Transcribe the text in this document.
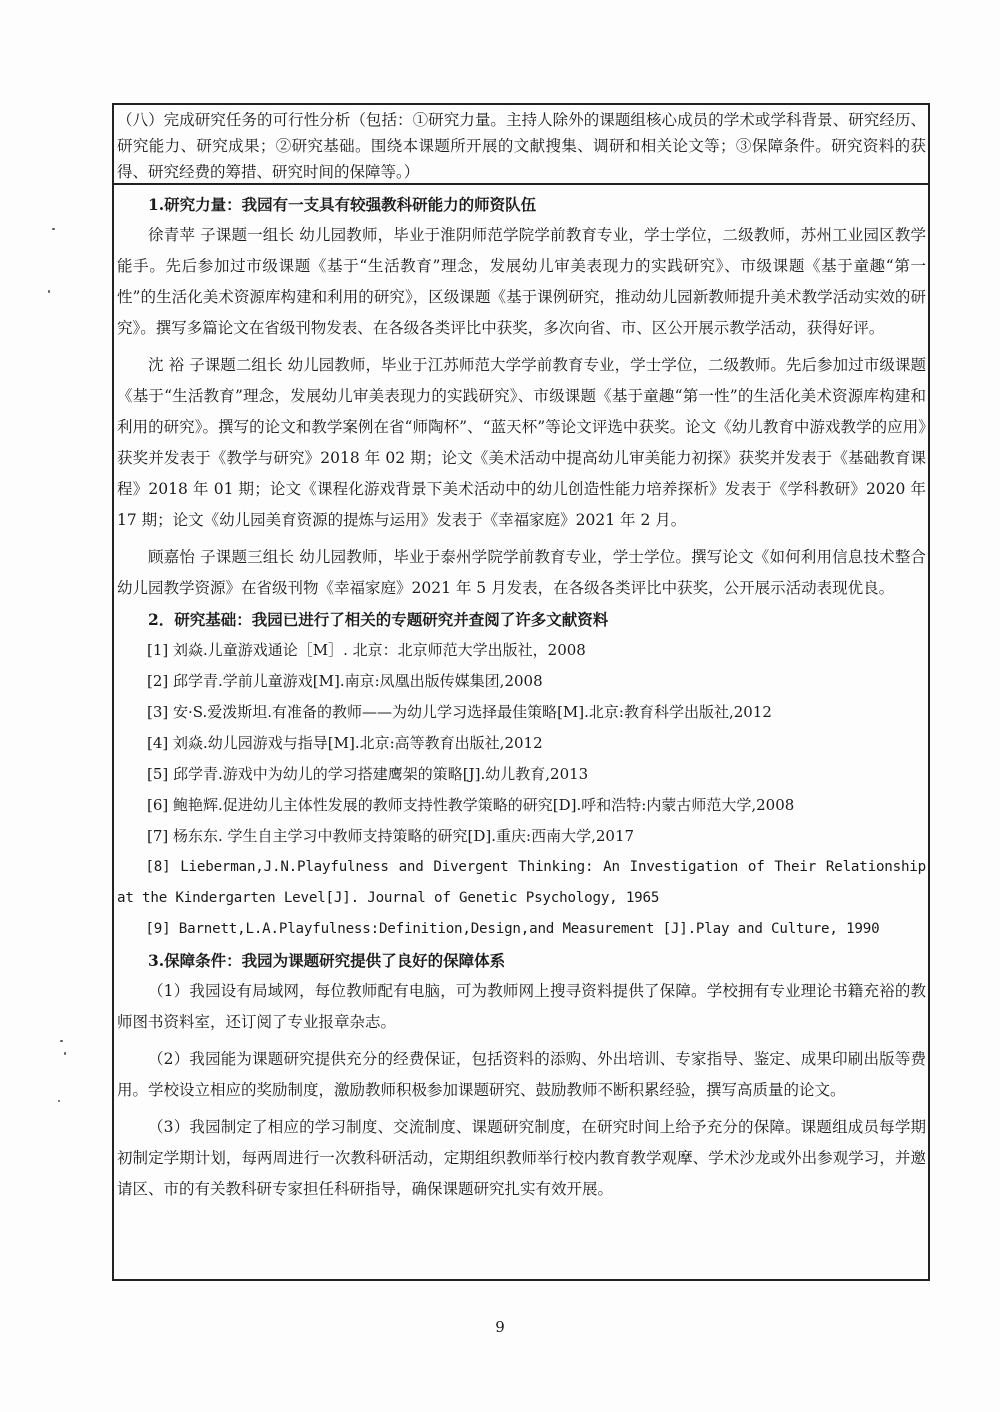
（八）完成研究任务的可行性分析（包括：①研究力量。主持人除外的课题组核心成员的学术或学科背景、研究经历、研究能力、研究成果；②研究基础。围绕本课题所开展的文献搜集、调研和相关论文等；③保障条件。研究资料的获得、研究经费的筹措、研究时间的保障等。）

1.研究力量：我园有一支具有较强教科研能力的师资队伍

徐青苹 子课题一组长 幼儿园教师，毕业于淮阴师范学院学前教育专业，学士学位，二级教师，苏州工业园区教学能手。先后参加过市级课题《基于“生活教育”理念，发展幼儿审美表现力的实践研究》、市级课题《基于童趣“第一性”的生活化美术资源库构建和利用的研究》，区级课题《基于课例研究，推动幼儿园新教师提升美术教学活动实效的研究》。撰写多篇论文在省级刊物发表、在各级各类评比中获奖，多次向省、市、区公开展示教学活动，获得好评。

沈 裕 子课题二组长 幼儿园教师，毕业于江苏师范大学学前教育专业，学士学位，二级教师。先后参加过市级课题《基于“生活教育”理念，发展幼儿审美表现力的实践研究》、市级课题《基于童趣“第一性”的生活化美术资源库构建和利用的研究》。撰写的论文和教学案例在省“师陶杯”、“蓝天杯”等论文评选中获奖。论文《幼儿教育中游戏教学的应用》获奖并发表于《教学与研究》2018 年 02 期；论文《美术活动中提高幼儿审美能力初探》获奖并发表于《基础教育课程》2018 年 01 期；论文《课程化游戏背景下美术活动中的幼儿创造性能力培养探析》发表于《学科教研》2020 年 17 期；论文《幼儿园美育资源的提炼与运用》发表于《幸福家庭》2021 年 2 月。

顾嘉怡 子课题三组长 幼儿园教师，毕业于泰州学院学前教育专业，学士学位。撰写论文《如何利用信息技术整合幼儿园教学资源》在省级刊物《幸福家庭》2021 年 5 月发表，在各级各类评比中获奖，公开展示活动表现优良。

2．研究基础：我园已进行了相关的专题研究并查阅了许多文献资料

[1] 刘焱.儿童游戏通论［M］. 北京：北京师范大学出版社，2008

[2] 邱学青.学前儿童游戏[M].南京:凤凰出版传媒集团,2008

[3] 安·S.爱泼斯坦.有准备的教师——为幼儿学习选择最佳策略[M].北京:教育科学出版社,2012

[4] 刘焱.幼儿园游戏与指导[M].北京:高等教育出版社,2012

[5] 邱学青.游戏中为幼儿的学习搭建鹰架的策略[J].幼儿教育,2013

[6] 鲍艳辉.促进幼儿主体性发展的教师支持性教学策略的研究[D].呼和浩特:内蒙古师范大学,2008

[7] 杨东东. 学生自主学习中教师支持策略的研究[D].重庆:西南大学,2017

[8] Lieberman,J.N.Playfulness and Divergent Thinking: An Investigation of Their Relationship at the Kindergarten Level[J]. Journal of Genetic Psychology, 1965

[9] Barnett,L.A.Playfulness:Definition,Design,and Measurement [J].Play and Culture, 1990

3.保障条件：我园为课题研究提供了良好的保障体系

（1）我园设有局域网，每位教师配有电脑，可为教师网上搜寻资料提供了保障。学校拥有专业理论书籍充裕的教师图书资料室，还订阅了专业报章杂志。

（2）我园能为课题研究提供充分的经费保证，包括资料的添购、外出培训、专家指导、鉴定、成果印刷出版等费用。学校设立相应的奖励制度，激励教师积极参加课题研究、鼓励教师不断积累经验，撰写高质量的论文。

（3）我园制定了相应的学习制度、交流制度、课题研究制度，在研究时间上给予充分的保障。课题组成员每学期初制定学期计划，每两周进行一次教科研活动，定期组织教师举行校内教育教学观摩、学术沙龙或外出参观学习，并邀请区、市的有关教科研专家担任科研指导，确保课题研究扎实有效开展。

9
